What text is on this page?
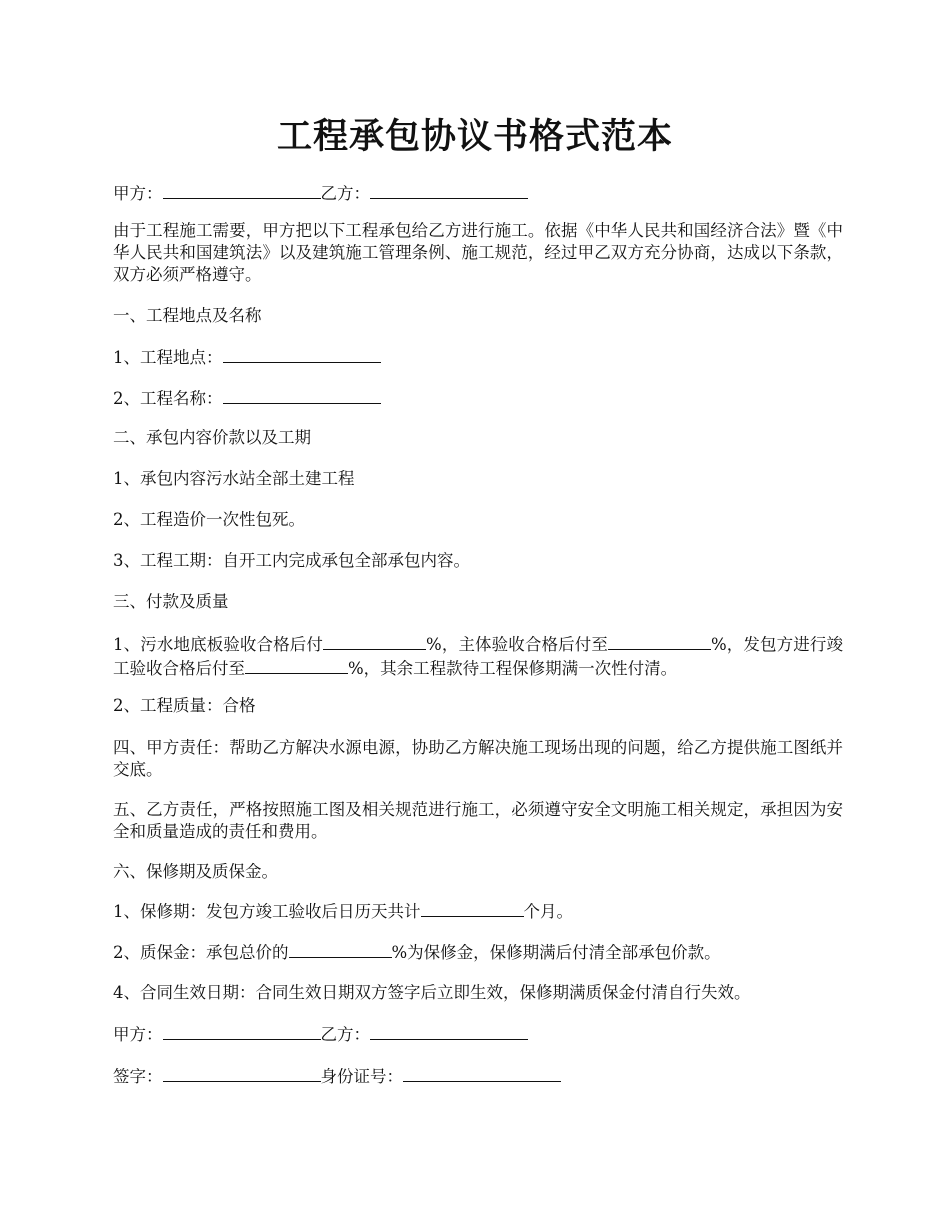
工程承包协议书格式范本

甲方：	乙方：

由于工程施工需要，甲方把以下工程承包给乙方进行施工。依据《中华人民共和国经济合法》暨《中华人民共和国建筑法》以及建筑施工管理条例、施工规范，经过甲乙双方充分协商，达成以下条款，双方必须严格遵守。

一、工程地点及名称

1、工程地点：

2、工程名称：

二、承包内容价款以及工期

1、承包内容污水站全部土建工程

2、工程造价一次性包死。

3、工程工期：自开工内完成承包全部承包内容。

三、付款及质量

1、污水地底板验收合格后付	%，主体验收合格后付至	%，发包方进行竣工验收合格后付至	%，其余工程款待工程保修期满一次性付清。

2、工程质量：合格

四、甲方责任：帮助乙方解决水源电源，协助乙方解决施工现场出现的问题，给乙方提供施工图纸并交底。

五、乙方责任，严格按照施工图及相关规范进行施工，必须遵守安全文明施工相关规定，承担因为安全和质量造成的责任和费用。

六、保修期及质保金。

1、保修期：发包方竣工验收后日历天共计	个月。

2、质保金：承包总价的	%为保修金，保修期满后付清全部承包价款。

4、合同生效日期：合同生效日期双方签字后立即生效，保修期满质保金付清自行失效。

甲方：	乙方：

签字：	身份证号：
